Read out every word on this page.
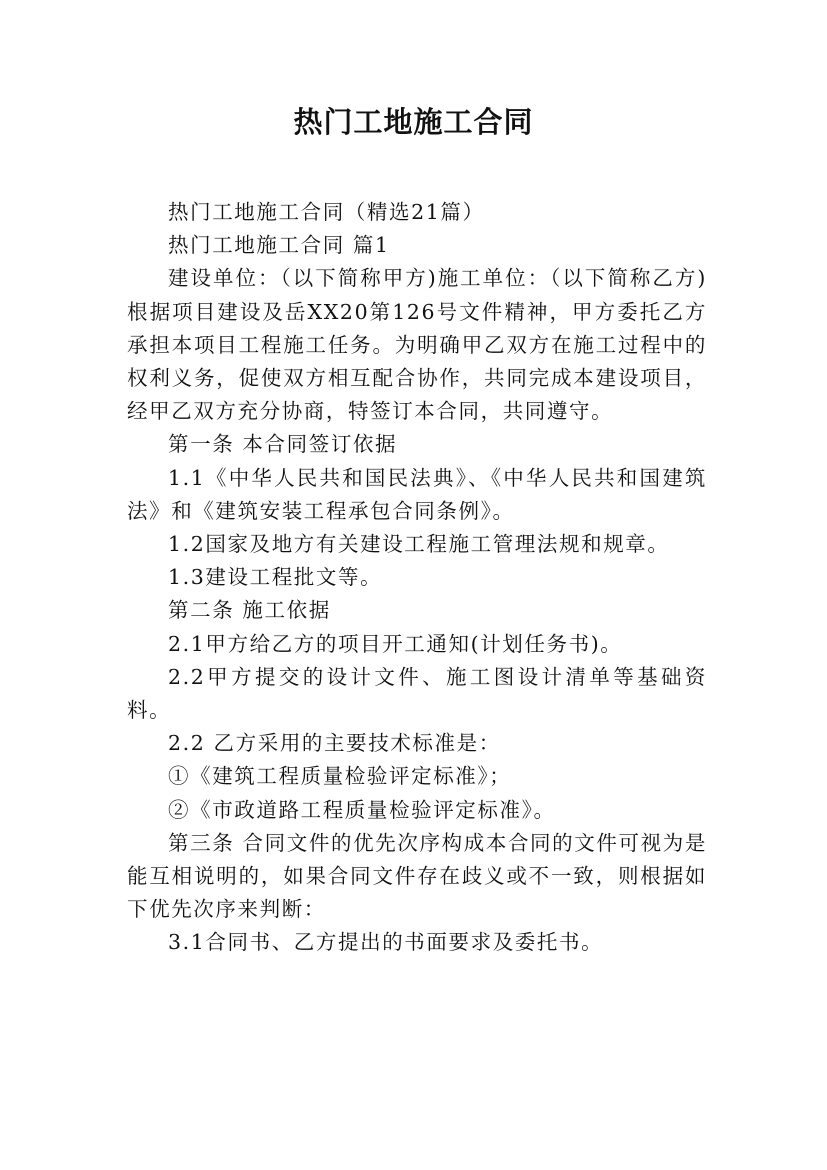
热门工地施工合同

热门工地施工合同（精选21篇）

热门工地施工合同 篇1

建设单位：（以下简称甲方)施工单位：（以下简称乙方)根据项目建设及岳XX20第126号文件精神，甲方委托乙方承担本项目工程施工任务。为明确甲乙双方在施工过程中的权利义务，促使双方相互配合协作，共同完成本建设项目，经甲乙双方充分协商，特签订本合同，共同遵守。

第一条 本合同签订依据

1.1《中华人民共和国民法典》、《中华人民共和国建筑法》和《建筑安装工程承包合同条例》。

1.2国家及地方有关建设工程施工管理法规和规章。

1.3建设工程批文等。

第二条 施工依据

2.1甲方给乙方的项目开工通知(计划任务书)。

2.2甲方提交的设计文件、施工图设计清单等基础资料。

2.2 乙方采用的主要技术标准是：

①《建筑工程质量检验评定标准》；

②《市政道路工程质量检验评定标准》。

第三条 合同文件的优先次序构成本合同的文件可视为是能互相说明的，如果合同文件存在歧义或不一致，则根据如下优先次序来判断：

3.1合同书、乙方提出的书面要求及委托书。
